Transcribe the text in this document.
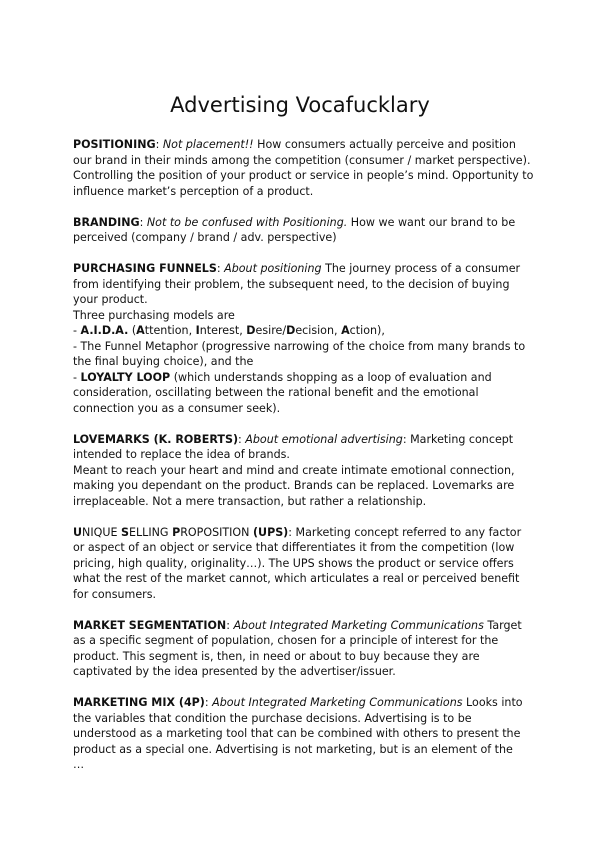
Advertising Vocafucklary

POSITIONING: Not placement!! How consumers actually perceive and position our brand in their minds among the competition (consumer / market perspective). Controlling the position of your product or service in people’s mind. Opportunity to influence market’s perception of a product.

BRANDING: Not to be confused with Positioning. How we want our brand to be perceived (company / brand / adv. perspective)

PURCHASING FUNNELS: About positioning The journey process of a consumer from identifying their problem, the subsequent need, to the decision of buying your product.

Three purchasing models are

- A.I.D.A. (Attention, Interest, Desire/Decision, Action),

- The Funnel Metaphor (progressive narrowing of the choice from many brands to the final buying choice), and the

- LOYALTY LOOP (which understands shopping as a loop of evaluation and consideration, oscillating between the rational benefit and the emotional connection you as a consumer seek).

LOVEMARKS (K. ROBERTS): About emotional advertising: Marketing concept intended to replace the idea of brands.

Meant to reach your heart and mind and create intimate emotional connection, making you dependant on the product. Brands can be replaced. Lovemarks are irreplaceable. Not a mere transaction, but rather a relationship.

UNIQUE SELLING PROPOSITION (UPS): Marketing concept referred to any factor or aspect of an object or service that differentiates it from the competition (low pricing, high quality, originality…). The UPS shows the product or service offers what the rest of the market cannot, which articulates a real or perceived benefit for consumers.

MARKET SEGMENTATION: About Integrated Marketing Communications Target as a specific segment of population, chosen for a principle of interest for the product. This segment is, then, in need or about to buy because they are captivated by the idea presented by the advertiser/issuer.

MARKETING MIX (4P): About Integrated Marketing Communications Looks into the variables that condition the purchase decisions. Advertising is to be understood as a marketing tool that can be combined with others to present the product as a special one. Advertising is not marketing, but is an element of the

…
